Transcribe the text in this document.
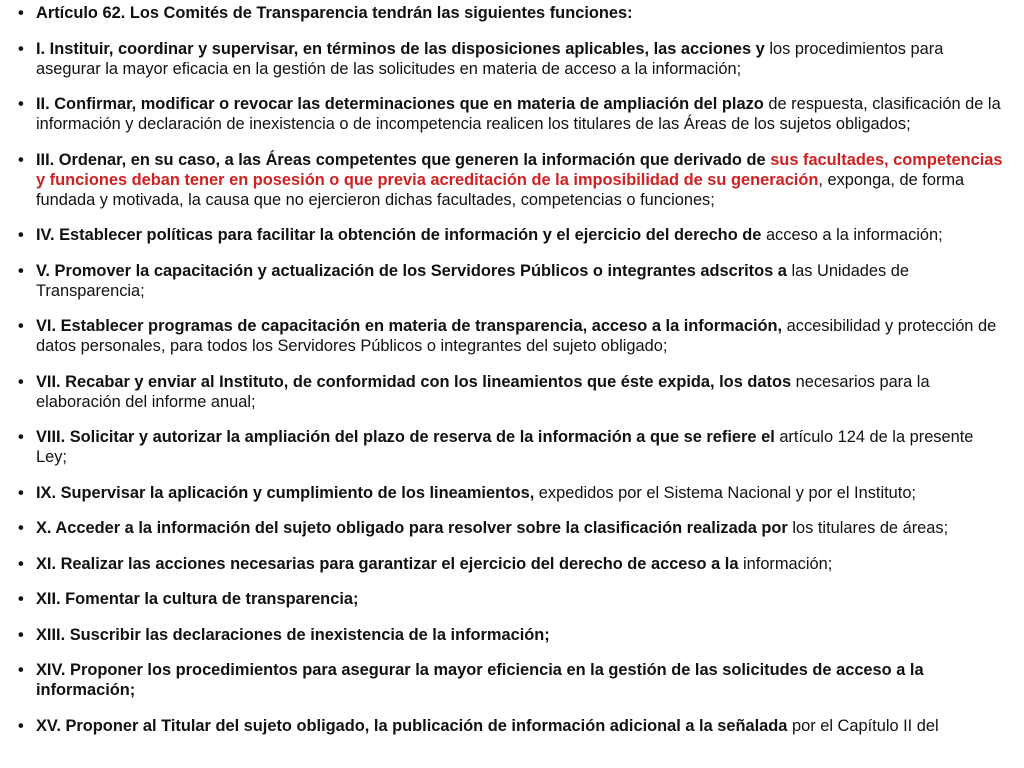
• Artículo 62. Los Comités de Transparencia tendrán las siguientes funciones:
• I. Instituir, coordinar y supervisar, en términos de las disposiciones aplicables, las acciones y los procedimientos para asegurar la mayor eficacia en la gestión de las solicitudes en materia de acceso a la información;
• II. Confirmar, modificar o revocar las determinaciones que en materia de ampliación del plazo de respuesta, clasificación de la información y declaración de inexistencia o de incompetencia realicen los titulares de las Áreas de los sujetos obligados;
• III. Ordenar, en su caso, a las Áreas competentes que generen la información que derivado de sus facultades, competencias y funciones deban tener en posesión o que previa acreditación de la imposibilidad de su generación, exponga, de forma fundada y motivada, la causa que no ejercieron dichas facultades, competencias o funciones;
• IV. Establecer políticas para facilitar la obtención de información y el ejercicio del derecho de acceso a la información;
• V. Promover la capacitación y actualización de los Servidores Públicos o integrantes adscritos a las Unidades de Transparencia;
• VI. Establecer programas de capacitación en materia de transparencia, acceso a la información, accesibilidad y protección de datos personales, para todos los Servidores Públicos o integrantes del sujeto obligado;
• VII. Recabar y enviar al Instituto, de conformidad con los lineamientos que éste expida, los datos necesarios para la elaboración del informe anual;
• VIII. Solicitar y autorizar la ampliación del plazo de reserva de la información a que se refiere el artículo 124 de la presente Ley;
• IX. Supervisar la aplicación y cumplimiento de los lineamientos, expedidos por el Sistema Nacional y por el Instituto;
• X. Acceder a la información del sujeto obligado para resolver sobre la clasificación realizada por los titulares de áreas;
• XI. Realizar las acciones necesarias para garantizar el ejercicio del derecho de acceso a la información;
• XII. Fomentar la cultura de transparencia;
• XIII. Suscribir las declaraciones de inexistencia de la información;
• XIV. Proponer los procedimientos para asegurar la mayor eficiencia en la gestión de las solicitudes de acceso a la información;
• XV. Proponer al Titular del sujeto obligado, la publicación de información adicional a la señalada por el Capítulo II del
